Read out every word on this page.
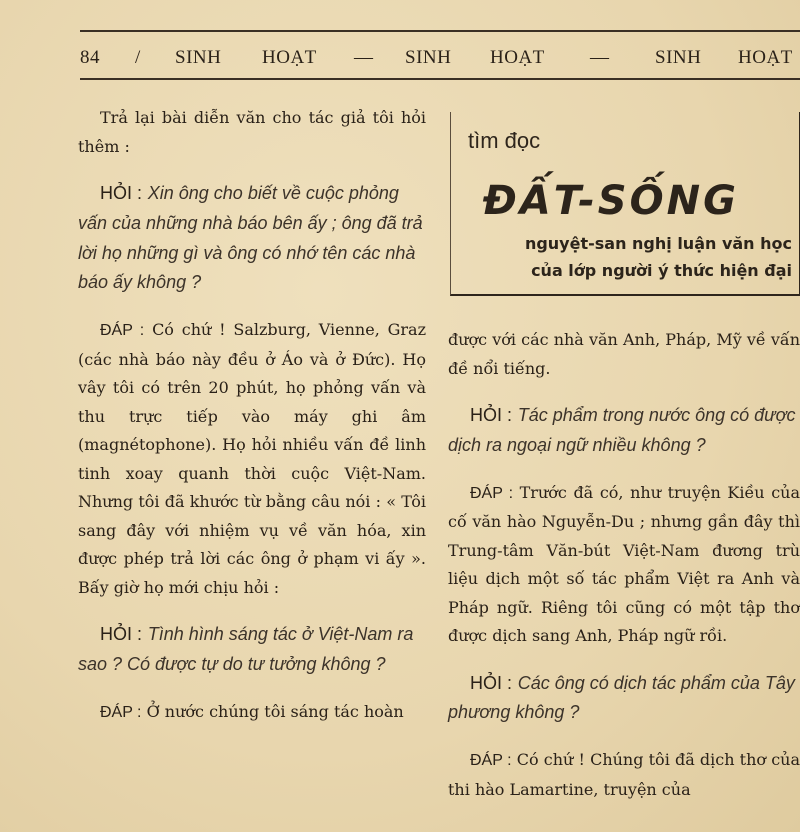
84 / SINH HOẠT — SINH HOẠT — SINH HOẠT

Trả lại bài diễn văn cho tác giả tôi hỏi thêm :

HỎI : Xin ông cho biết về cuộc phỏng vấn của những nhà báo bên ấy ; ông đã trả lời họ những gì và ông có nhớ tên các nhà báo ấy không ?

ĐÁP : Có chứ ! Salzburg, Vienne, Graz (các nhà báo này đều ở Áo và ở Đức). Họ vây tôi có trên 20 phút, họ phỏng vấn và thu trực tiếp vào máy ghi âm (magnétophone). Họ hỏi nhiều vấn đề linh tinh xoay quanh thời cuộc Việt-Nam. Nhưng tôi đã khước từ bằng câu nói : « Tôi sang đây với nhiệm vụ về văn hóa, xin được phép trả lời các ông ở phạm vi ấy ». Bấy giờ họ mới chịu hỏi :

HỎI : Tình hình sáng tác ở Việt-Nam ra sao ? Có được tự do tư tưởng không ?

ĐÁP : Ở nước chúng tôi sáng tác hoàn

tìm đọc
ĐẤT-SỐNG
nguyệt-san nghị luận văn học
của lớp người ý thức hiện đại

được với các nhà văn Anh, Pháp, Mỹ về vấn đề nổi tiếng.

HỎI : Tác phẩm trong nước ông có được dịch ra ngoại ngữ nhiều không ?

ĐÁP : Trước đã có, như truyện Kiều của cố văn hào Nguyễn-Du ; nhưng gần đây thì Trung-tâm Văn-bút Việt-Nam đương trù liệu dịch một số tác phẩm Việt ra Anh và Pháp ngữ. Riêng tôi cũng có một tập thơ được dịch sang Anh, Pháp ngữ rồi.

HỎI : Các ông có dịch tác phẩm của Tây phương không ?

ĐÁP : Có chứ ! Chúng tôi đã dịch thơ của thi hào Lamartine, truyện của
